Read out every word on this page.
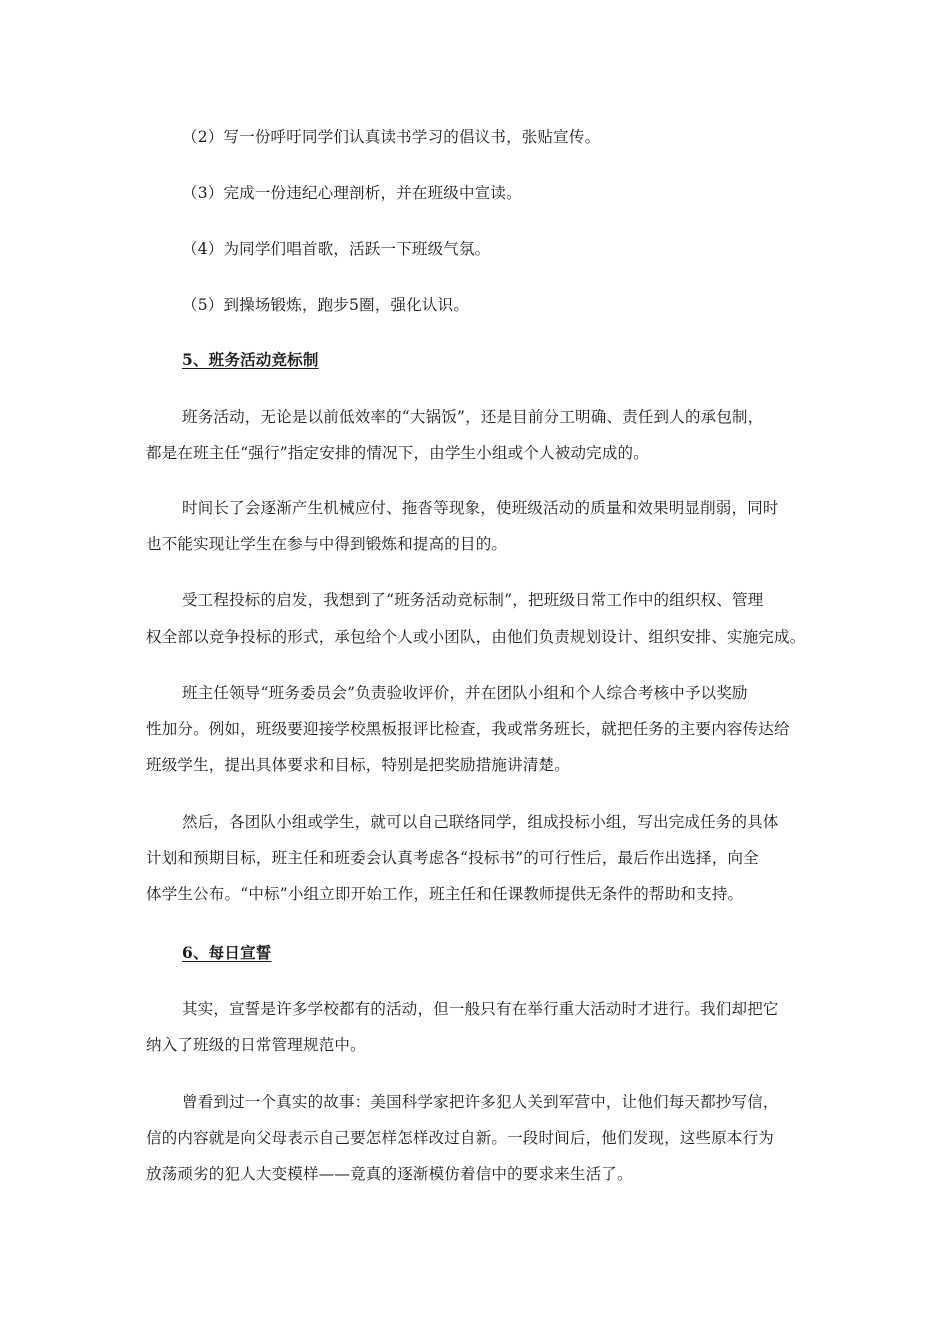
（2）写一份呼吁同学们认真读书学习的倡议书，张贴宣传。
（3）完成一份违纪心理剖析，并在班级中宣读。
（4）为同学们唱首歌，活跃一下班级气氛。
（5）到操场锻炼，跑步5圈，强化认识。
5、班务活动竞标制
班务活动，无论是以前低效率的“大锅饭”，还是目前分工明确、责任到人的承包制，
都是在班主任“强行”指定安排的情况下，由学生小组或个人被动完成的。
时间长了会逐渐产生机械应付、拖沓等现象，使班级活动的质量和效果明显削弱，同时
也不能实现让学生在参与中得到锻炼和提高的目的。
受工程投标的启发，我想到了“班务活动竞标制”，把班级日常工作中的组织权、管理
权全部以竞争投标的形式，承包给个人或小团队，由他们负责规划设计、组织安排、实施完成。
班主任领导“班务委员会”负责验收评价，并在团队小组和个人综合考核中予以奖励
性加分。例如，班级要迎接学校黑板报评比检查，我或常务班长，就把任务的主要内容传达给
班级学生，提出具体要求和目标，特别是把奖励措施讲清楚。
然后，各团队小组或学生，就可以自己联络同学，组成投标小组，写出完成任务的具体
计划和预期目标，班主任和班委会认真考虑各“投标书”的可行性后，最后作出选择，向全
体学生公布。“中标”小组立即开始工作，班主任和任课教师提供无条件的帮助和支持。
6、每日宣誓
其实，宣誓是许多学校都有的活动，但一般只有在举行重大活动时才进行。我们却把它
纳入了班级的日常管理规范中。
曾看到过一个真实的故事：美国科学家把许多犯人关到军营中，让他们每天都抄写信，
信的内容就是向父母表示自己要怎样怎样改过自新。一段时间后，他们发现，这些原本行为
放荡顽劣的犯人大变模样——竟真的逐渐模仿着信中的要求来生活了。
